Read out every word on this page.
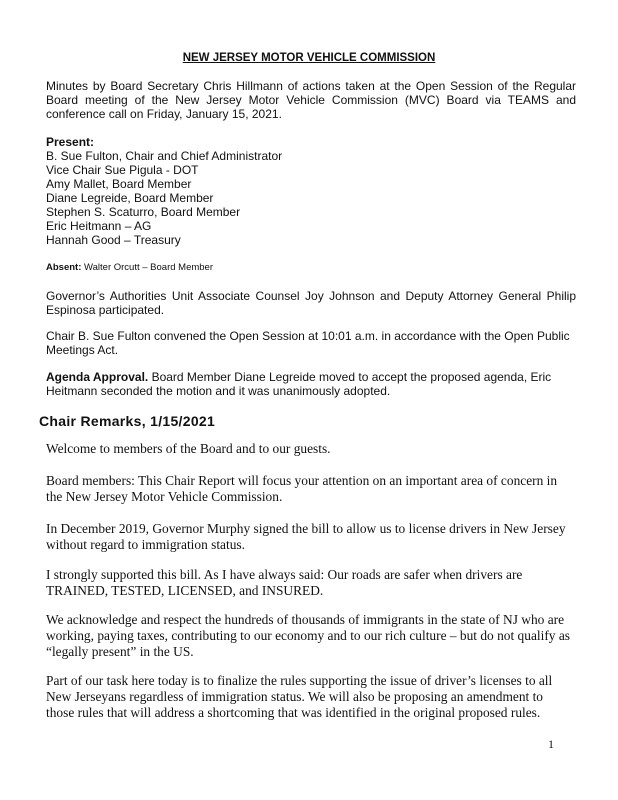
NEW JERSEY MOTOR VEHICLE COMMISSION

Minutes by Board Secretary Chris Hillmann of actions taken at the Open Session of the Regular Board meeting of the New Jersey Motor Vehicle Commission (MVC) Board via TEAMS and conference call on Friday, January 15, 2021.

Present:
B. Sue Fulton, Chair and Chief Administrator
Vice Chair Sue Pigula - DOT
Amy Mallet, Board Member
Diane Legreide, Board Member
Stephen S. Scaturro, Board Member
Eric Heitmann – AG
Hannah Good – Treasury
Absent: Walter Orcutt – Board Member

Governor’s Authorities Unit Associate Counsel Joy Johnson and Deputy Attorney General Philip Espinosa participated.

Chair B. Sue Fulton convened the Open Session at 10:01 a.m. in accordance with the Open Public Meetings Act.

Agenda Approval. Board Member Diane Legreide moved to accept the proposed agenda, Eric Heitmann seconded the motion and it was unanimously adopted.

Chair Remarks, 1/15/2021

Welcome to members of the Board and to our guests.

Board members: This Chair Report will focus your attention on an important area of concern in the New Jersey Motor Vehicle Commission.

In December 2019, Governor Murphy signed the bill to allow us to license drivers in New Jersey without regard to immigration status.

I strongly supported this bill. As I have always said: Our roads are safer when drivers are TRAINED, TESTED, LICENSED, and INSURED.

We acknowledge and respect the hundreds of thousands of immigrants in the state of NJ who are working, paying taxes, contributing to our economy and to our rich culture – but do not qualify as “legally present” in the US.

Part of our task here today is to finalize the rules supporting the issue of driver’s licenses to all New Jerseyans regardless of immigration status. We will also be proposing an amendment to those rules that will address a shortcoming that was identified in the original proposed rules.

1
